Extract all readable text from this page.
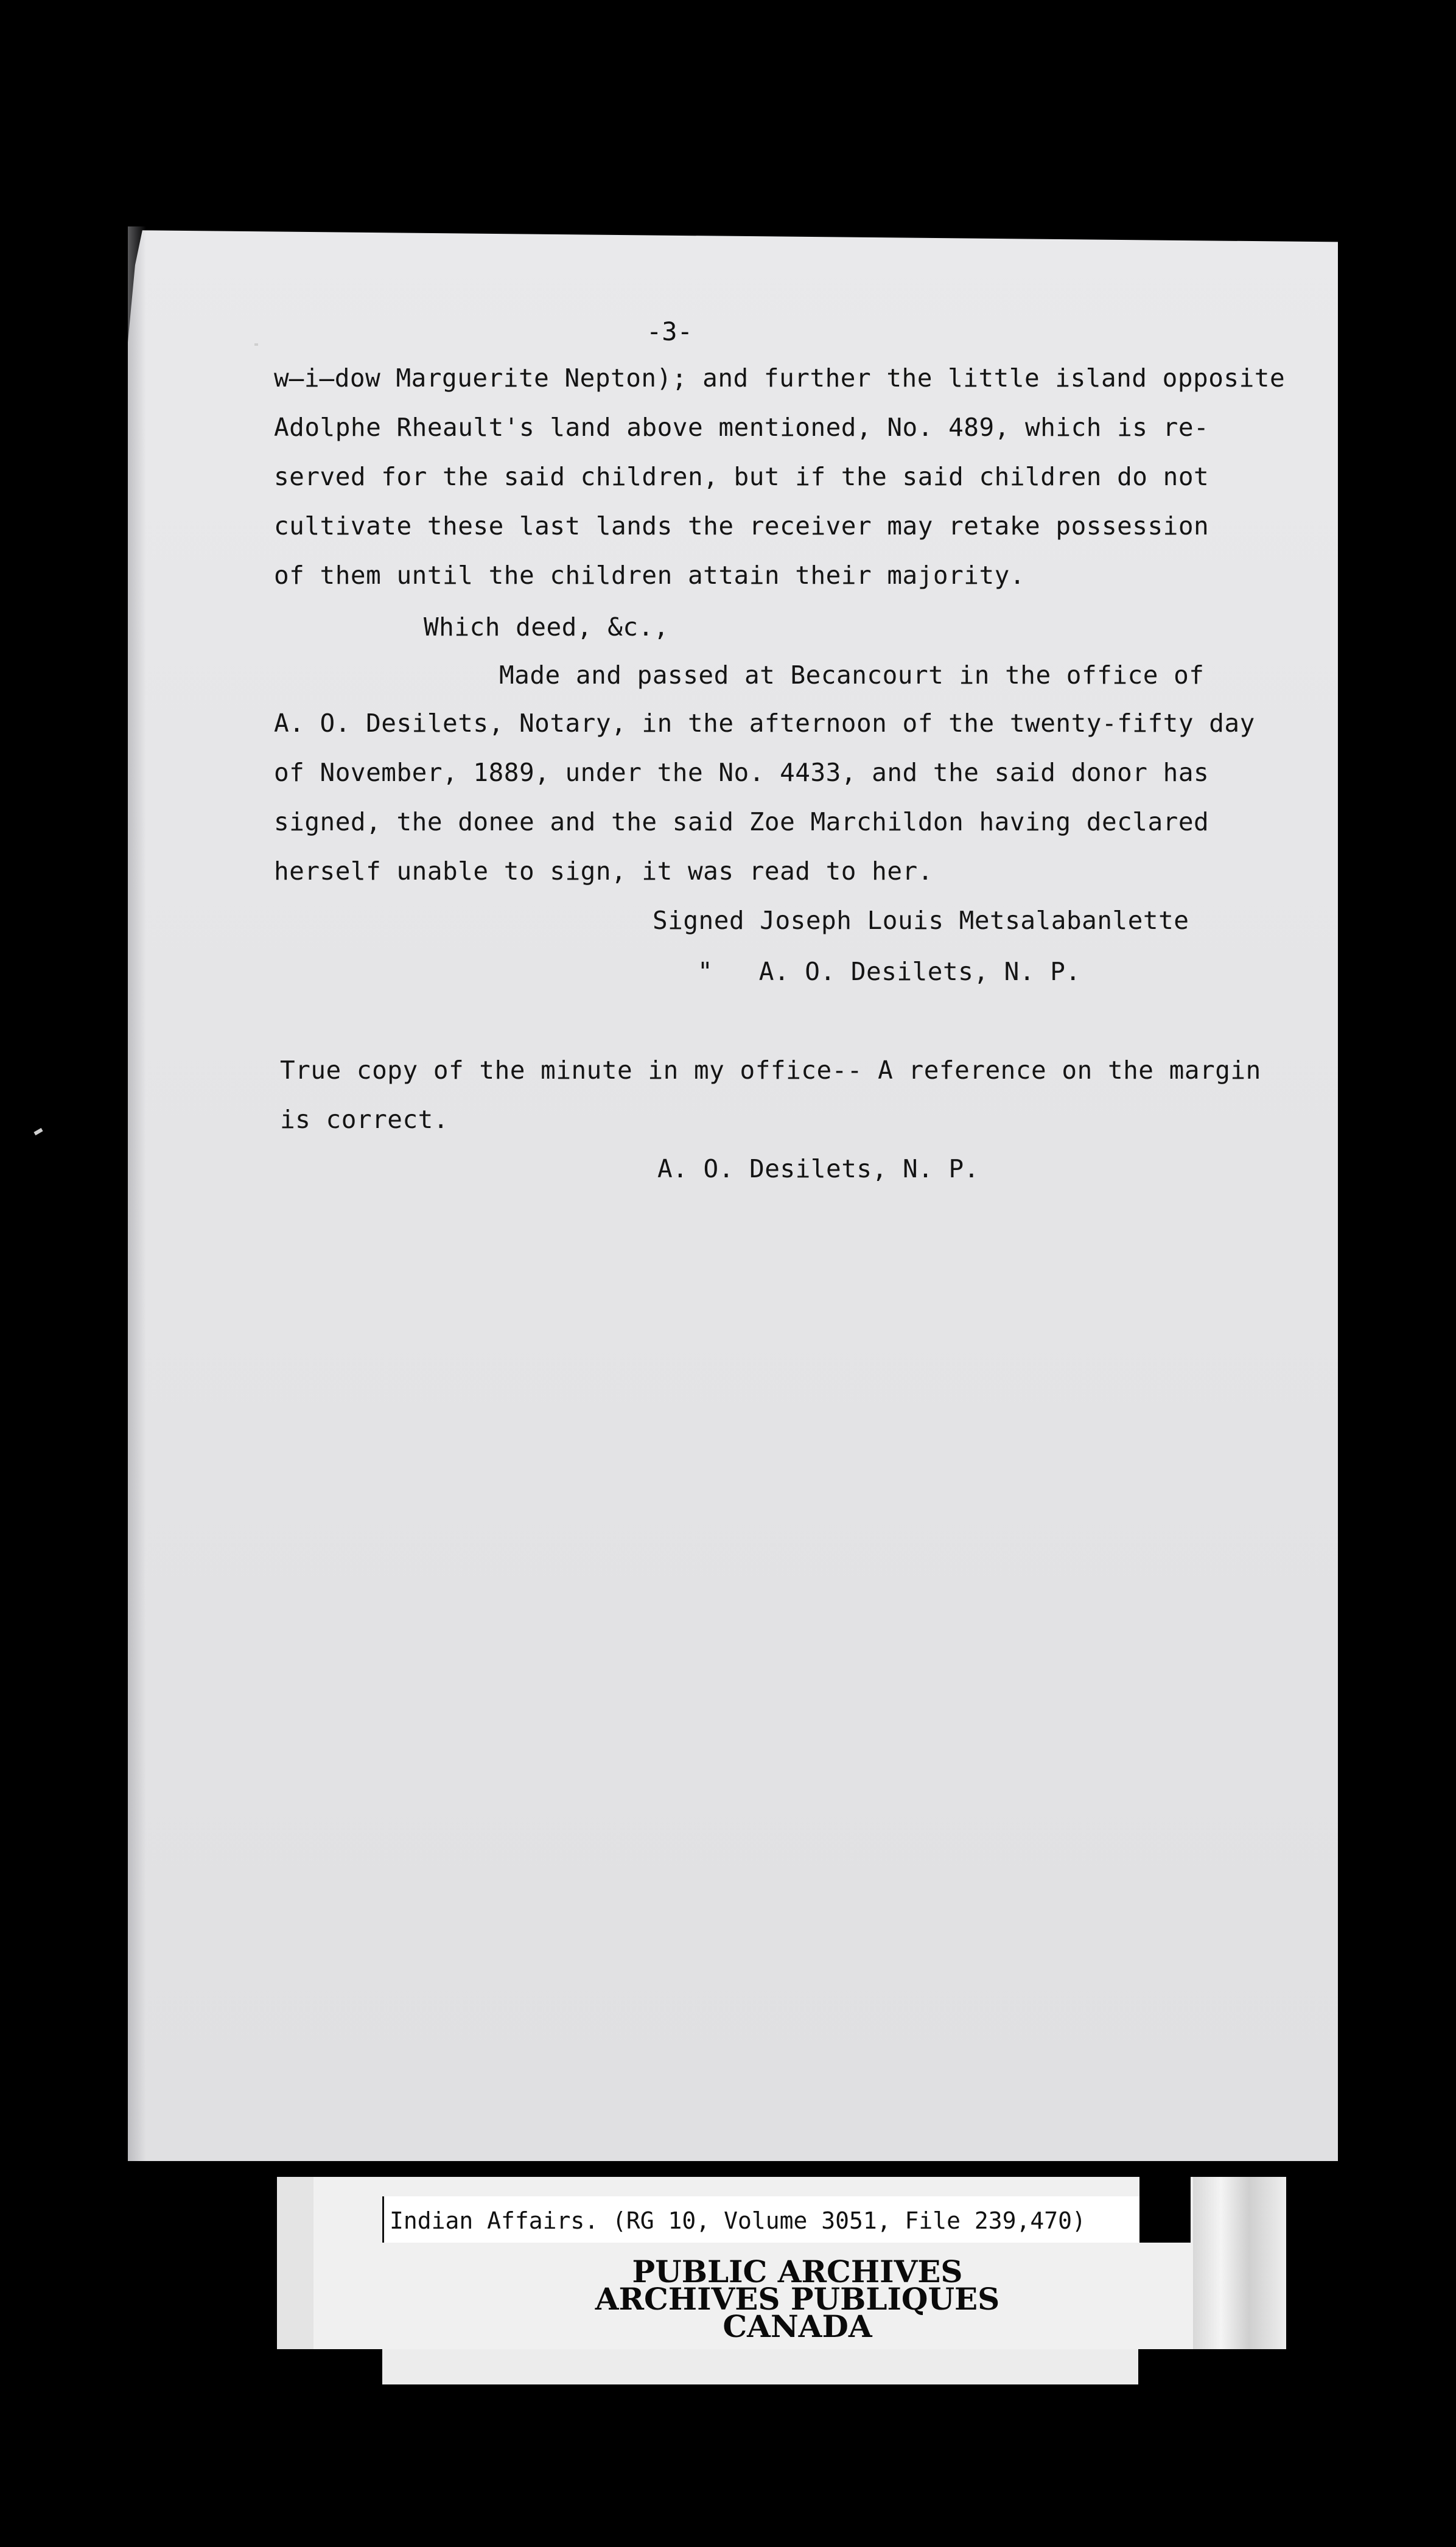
-3-
w̶i̶dow Marguerite Nepton); and further the little island opposite
Adolphe Rheault's land above mentioned, No. 489, which is re-
served for the said children, but if the said children do not
cultivate these last lands the receiver may retake possession
of them until the children attain their majority.
Which deed, &c.,
Made and passed at Becancourt in the office of
A. O. Desilets, Notary, in the afternoon of the twenty-fifty day
of November, 1889, under the No. 4433, and the said donor has
signed, the donee and the said Zoe Marchildon having declared
herself unable to sign, it was read to her.
Signed Joseph Louis Metsalabanlette
"   A. O. Desilets, N. P.
True copy of the minute in my office-- A reference on the margin
is correct.
A. O. Desilets, N. P.
Indian Affairs. (RG 10, Volume 3051, File 239,470)
PUBLIC ARCHIVES
ARCHIVES PUBLIQUES
CANADA
